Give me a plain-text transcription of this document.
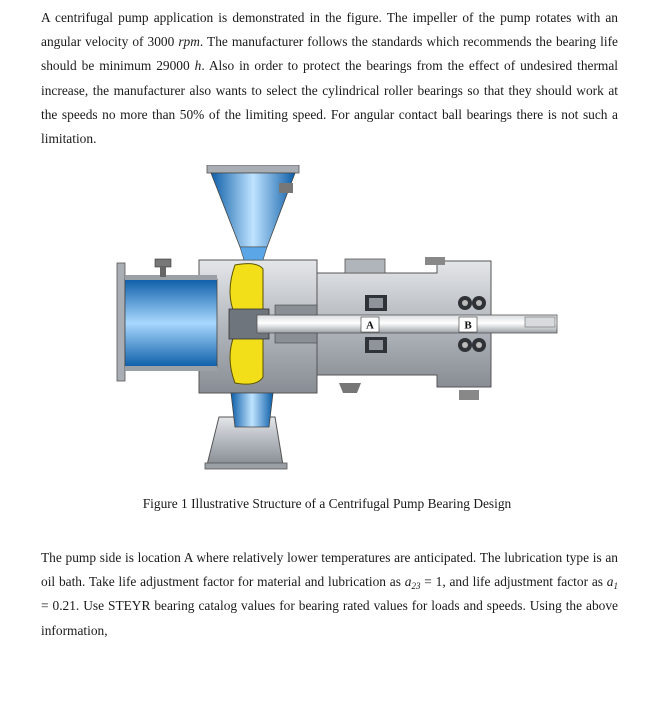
A centrifugal pump application is demonstrated in the figure. The impeller of the pump rotates with an angular velocity of 3000 rpm. The manufacturer follows the standards which recommends the bearing life should be minimum 29000 h. Also in order to protect the bearings from the effect of undesired thermal increase, the manufacturer also wants to select the cylindrical roller bearings so that they should work at the speeds no more than 50% of the limiting speed. For angular contact ball bearings there is not such a limitation.

A	B
Figure 1 Illustrative Structure of a Centrifugal Pump Bearing Design

The pump side is location A where relatively lower temperatures are anticipated. The lubrication type is an oil bath. Take life adjustment factor for material and lubrication as $a_{23} = 1$, and life adjustment factor as $a_1 = 0.21$. Use STEYR bearing catalog values for bearing rated values for loads and speeds. Using the above information,
